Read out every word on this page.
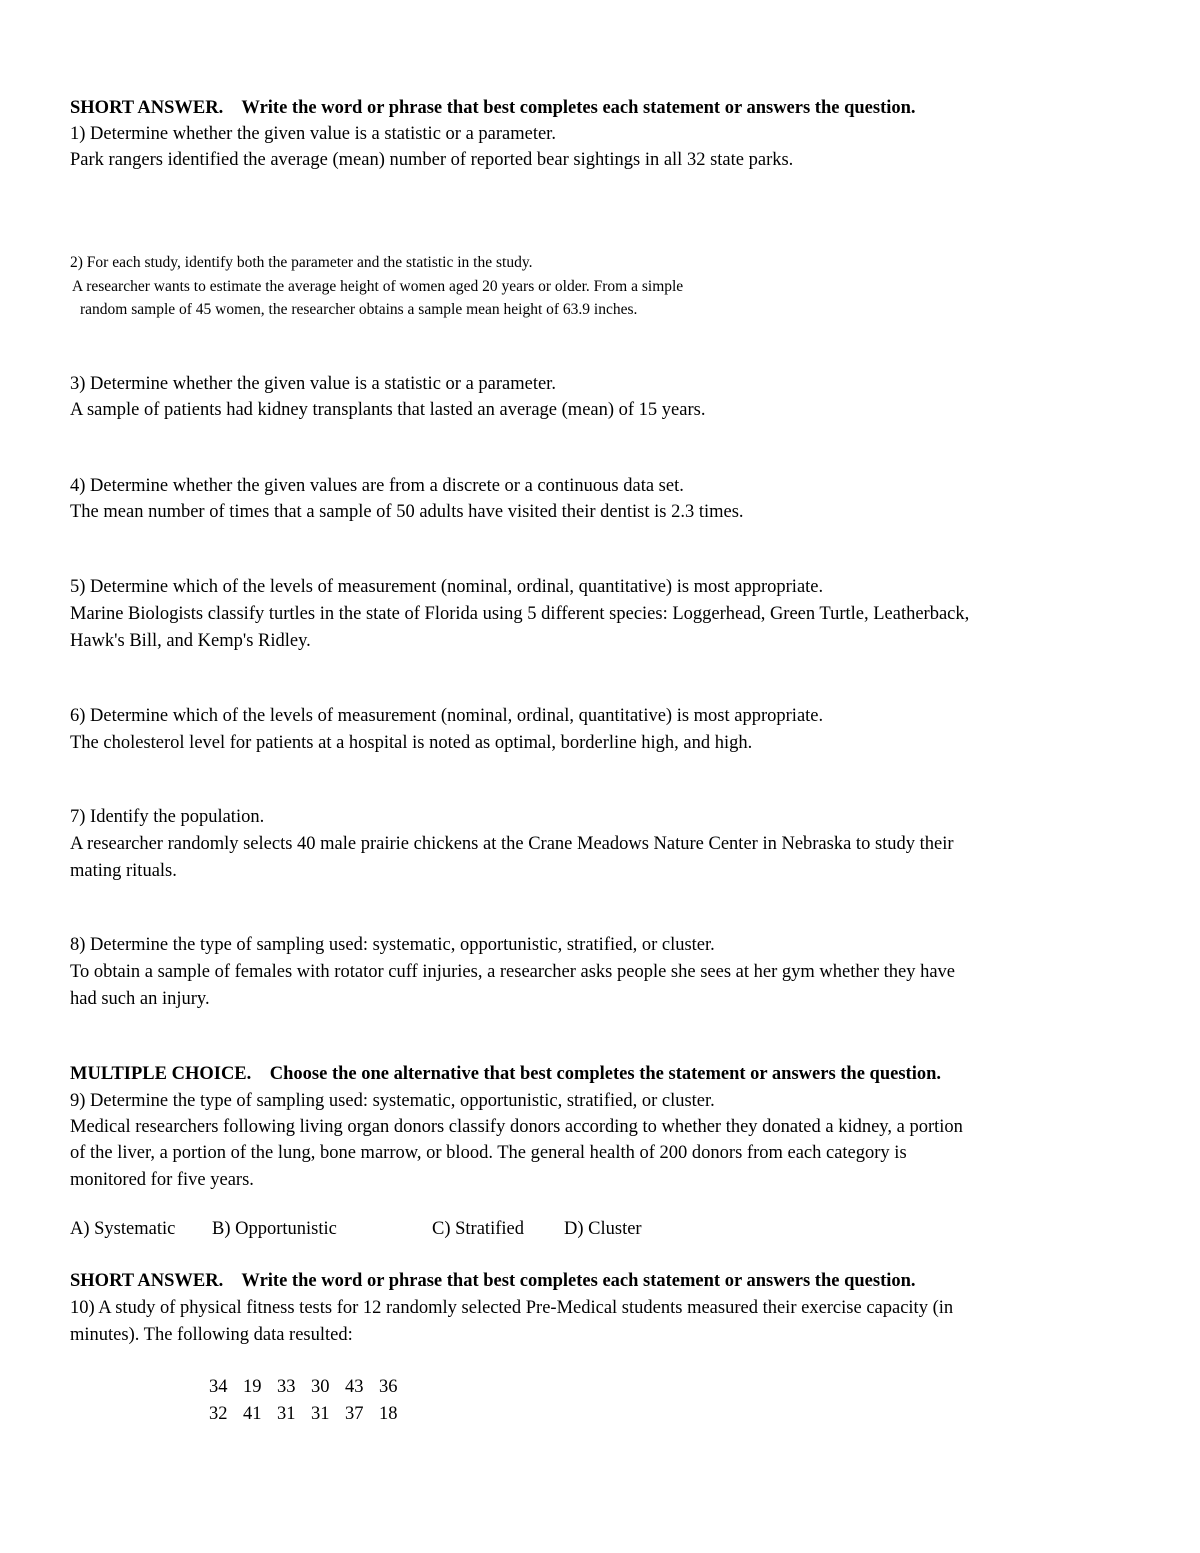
SHORT ANSWER. Write the word or phrase that best completes each statement or answers the question.
1) Determine whether the given value is a statistic or a parameter.
Park rangers identified the average (mean) number of reported bear sightings in all 32 state parks.
2) For each study, identify both the parameter and the statistic in the study.
A researcher wants to estimate the average height of women aged 20 years or older. From a simple
random sample of 45 women, the researcher obtains a sample mean height of 63.9 inches.
3) Determine whether the given value is a statistic or a parameter.
A sample of patients had kidney transplants that lasted an average (mean) of 15 years.
4) Determine whether the given values are from a discrete or a continuous data set.
The mean number of times that a sample of 50 adults have visited their dentist is 2.3 times.
5) Determine which of the levels of measurement (nominal, ordinal, quantitative) is most appropriate.
Marine Biologists classify turtles in the state of Florida using 5 different species: Loggerhead, Green Turtle, Leatherback,
Hawk's Bill, and Kemp's Ridley.
6) Determine which of the levels of measurement (nominal, ordinal, quantitative) is most appropriate.
The cholesterol level for patients at a hospital is noted as optimal, borderline high, and high.
7) Identify the population.
A researcher randomly selects 40 male prairie chickens at the Crane Meadows Nature Center in Nebraska to study their
mating rituals.
8) Determine the type of sampling used: systematic, opportunistic, stratified, or cluster.
To obtain a sample of females with rotator cuff injuries, a researcher asks people she sees at her gym whether they have
had such an injury.
MULTIPLE CHOICE. Choose the one alternative that best completes the statement or answers the question.
9) Determine the type of sampling used: systematic, opportunistic, stratified, or cluster.
Medical researchers following living organ donors classify donors according to whether they donated a kidney, a portion
of the liver, a portion of the lung, bone marrow, or blood. The general health of 200 donors from each category is
monitored for five years.
A) Systematic B) Opportunistic	C) Stratified D) Cluster
SHORT ANSWER. Write the word or phrase that best completes each statement or answers the question.
10) A study of physical fitness tests for 12 randomly selected Pre-Medical students measured their exercise capacity (in
minutes). The following data resulted:
34 19 33 30 43 36
32 41 31 31 37 18
